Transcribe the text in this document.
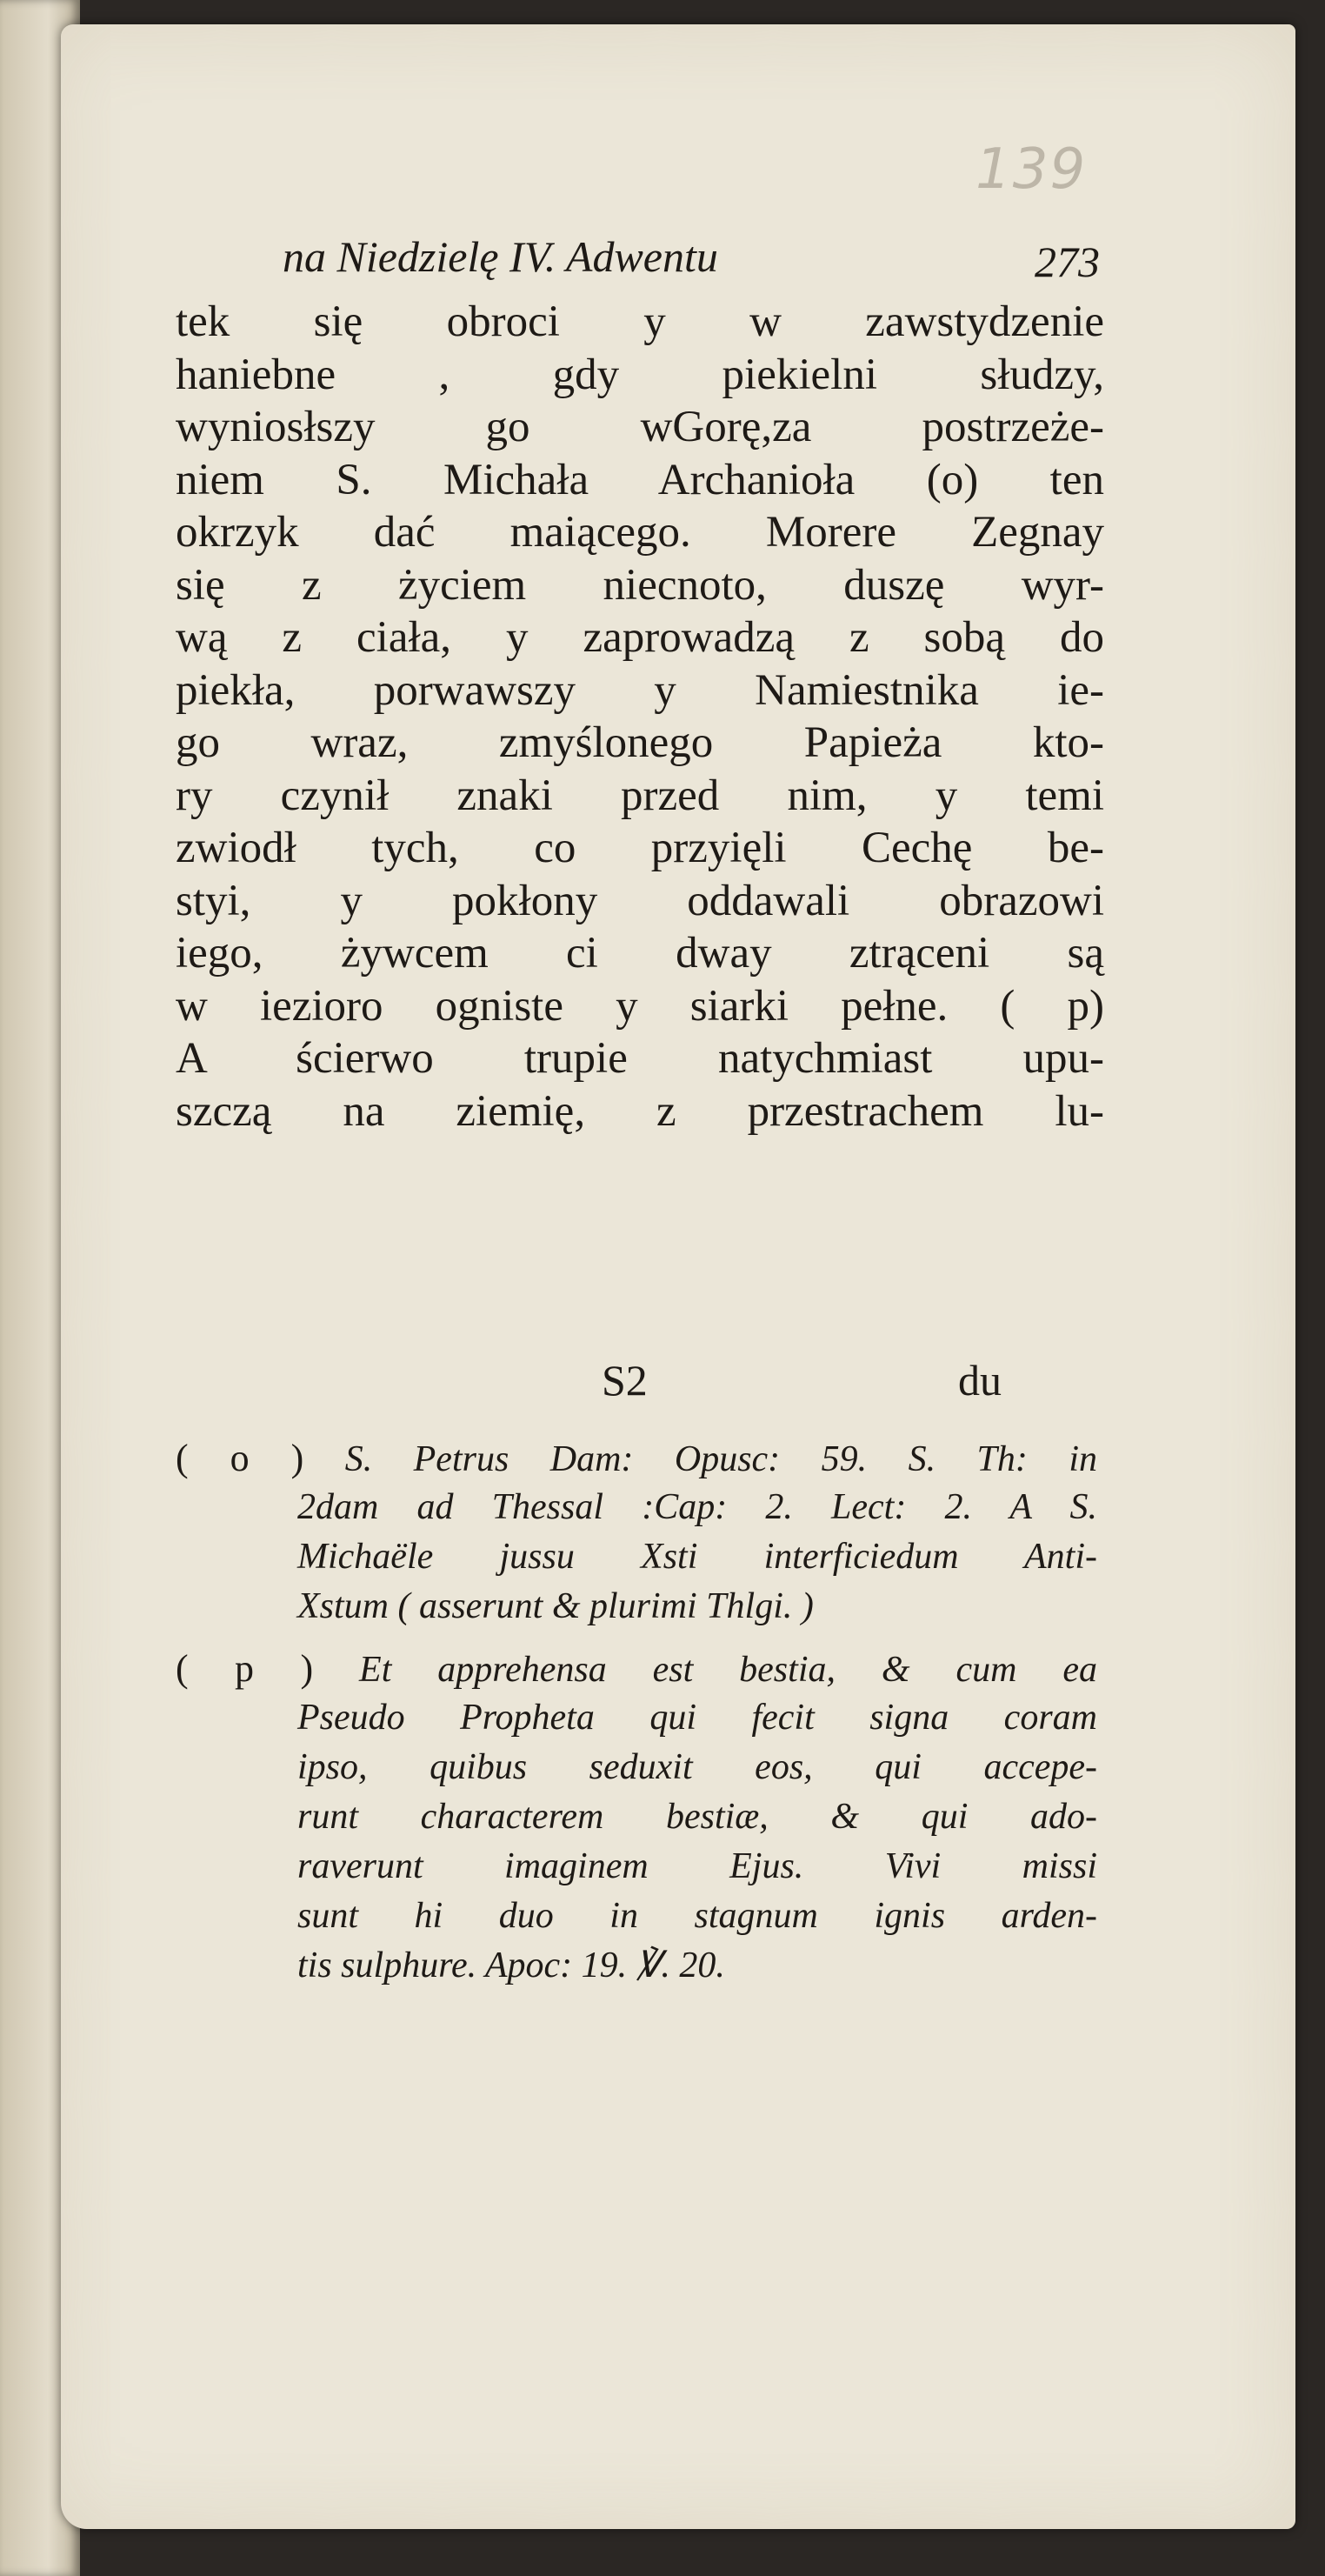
139
na Niedzielę IV. Adwentu	273
tek się obroci y w zawstydzenie
haniebne , gdy piekielni słudzy,
wyniosłszy go wGorę,za postrzeże-
niem S. Michała Archanioła (o) ten
okrzyk dać maiącego. Morere Zegnay
się z życiem niecnoto, duszę wyr-
wą z ciała, y zaprowadzą z sobą do
piekła, porwawszy y Namiestnika ie-
go wraz, zmyślonego Papieża kto-
ry czynił znaki przed nim, y temi
zwiodł tych, co przyięli Cechę be-
styi, y pokłony oddawali obrazowi
iego, żywcem ci dway ztrąceni są
w iezioro ogniste y siarki pełne. ( p)
A ścierwo trupie natychmiast upu-
szczą na ziemię, z przestrachem lu-
S2	du
( o ) S. Petrus Dam: Opusc: 59. S. Th: in
2dam ad Thessal :Cap: 2. Lect: 2. A S.
Michaële jussu Xsti interficiedum Anti-
Xstum ( asserunt & plurimi Thlgi. )
( p ) Et apprehensa est bestia, & cum ea
Pseudo Propheta qui fecit signa coram
ipso, quibus seduxit eos, qui accepe-
runt characterem bestiæ, & qui ado-
raverunt imaginem Ejus. Vivi missi
sunt hi duo in stagnum ignis arden-
tis sulphure. Apoc: 19. ℣. 20.
